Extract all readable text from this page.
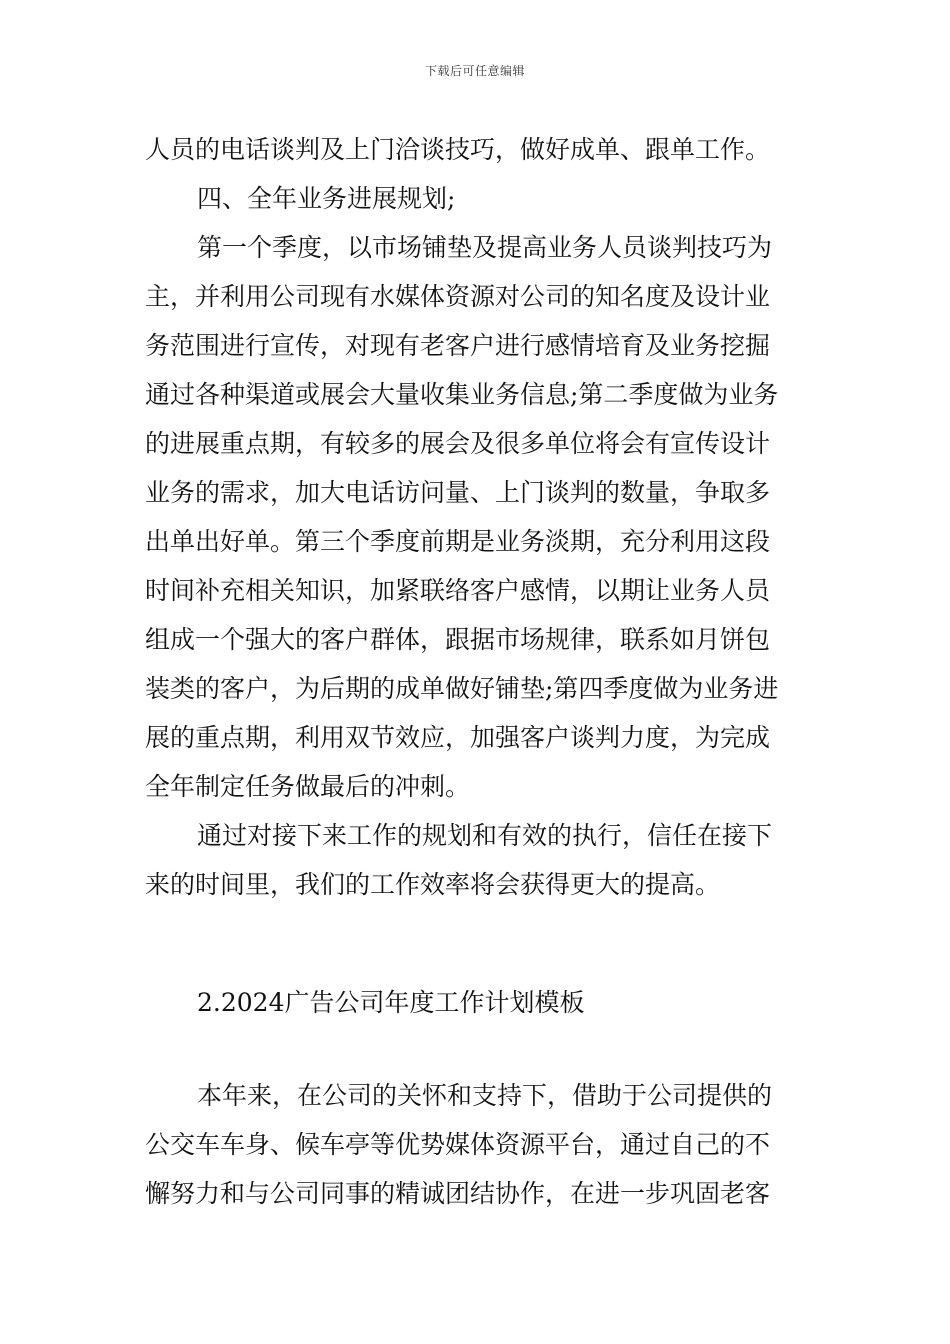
下载后可任意编辑
人员的电话谈判及上门洽谈技巧，做好成单、跟单工作。
四、全年业务进展规划;
第一个季度，以市场铺垫及提高业务人员谈判技巧为
主，并利用公司现有水媒体资源对公司的知名度及设计业
务范围进行宣传，对现有老客户进行感情培育及业务挖掘
通过各种渠道或展会大量收集业务信息;第二季度做为业务
的进展重点期，有较多的展会及很多单位将会有宣传设计
业务的需求，加大电话访问量、上门谈判的数量，争取多
出单出好单。第三个季度前期是业务淡期，充分利用这段
时间补充相关知识，加紧联络客户感情，以期让业务人员
组成一个强大的客户群体，跟据市场规律，联系如月饼包
装类的客户，为后期的成单做好铺垫;第四季度做为业务进
展的重点期，利用双节效应，加强客户谈判力度，为完成
全年制定任务做最后的冲刺。
通过对接下来工作的规划和有效的执行，信任在接下
来的时间里，我们的工作效率将会获得更大的提高。
2.2024广告公司年度工作计划模板
本年来，在公司的关怀和支持下，借助于公司提供的
公交车车身、候车亭等优势媒体资源平台，通过自己的不
懈努力和与公司同事的精诚团结协作，在进一步巩固老客
